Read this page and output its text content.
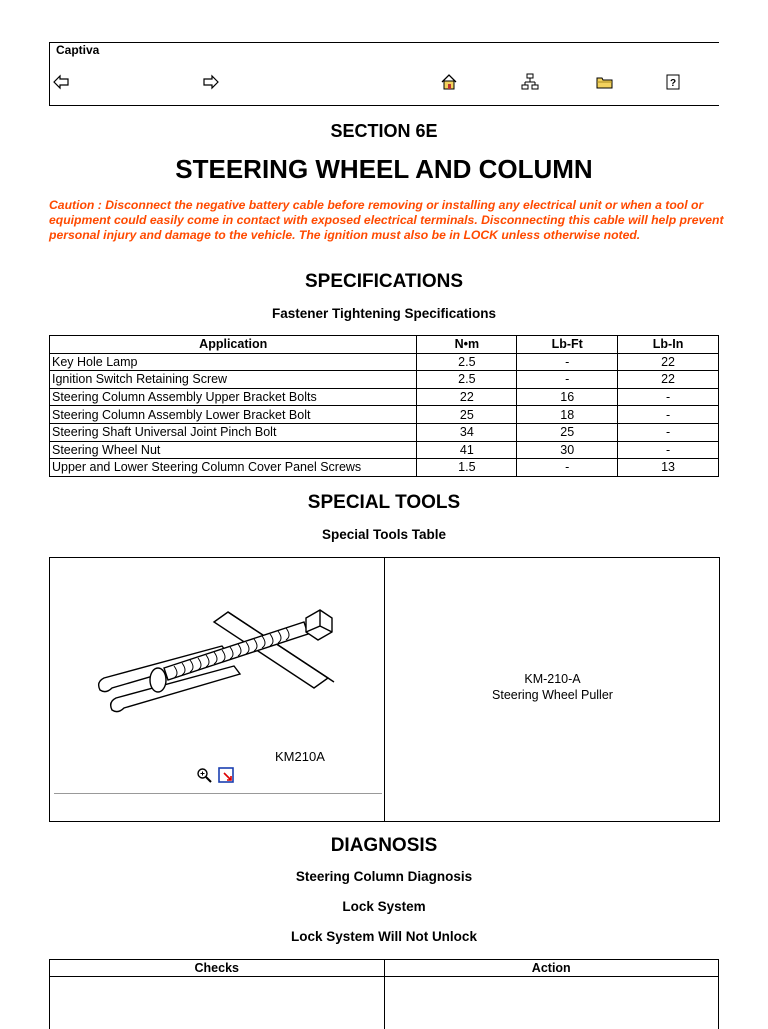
Captiva
?
SECTION 6E
STEERING WHEEL AND COLUMN
Caution : Disconnect the negative battery cable before removing or installing any electrical unit or when a tool or equipment could easily come in contact with exposed electrical terminals. Disconnecting this cable will help prevent personal injury and damage to the vehicle. The ignition must also be in LOCK unless otherwise noted.
SPECIFICATIONS
Fastener Tightening Specifications
Application	N•m	Lb-Ft	Lb-In
Key Hole Lamp	2.5	-	22
Ignition Switch Retaining Screw	2.5	-	22
Steering Column Assembly Upper Bracket Bolts	22	16	-
Steering Column Assembly Lower Bracket Bolt	25	18	-
Steering Shaft Universal Joint Pinch Bolt	34	25	-
Steering Wheel Nut	41	30	-
Upper and Lower Steering Column Cover Panel Screws	1.5	-	13
SPECIAL TOOLS
Special Tools Table
KM210A

KM-210-A
Steering Wheel Puller
DIAGNOSIS
Steering Column Diagnosis
Lock System
Lock System Will Not Unlock
Checks	Action
